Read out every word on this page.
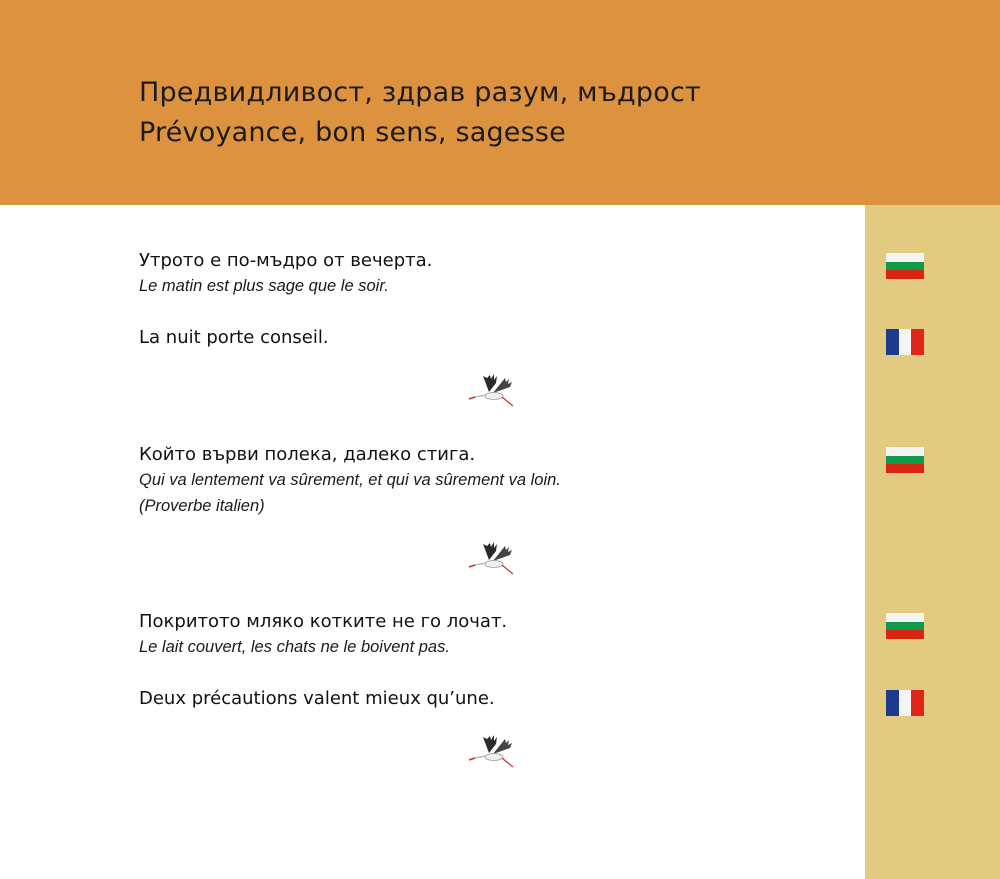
Предвидливост, здрав разум, мъдрост
Prévoyance, bon sens, sagesse
Утрото е по-мъдро от вечерта.
Le matin est plus sage que le soir.
La nuit porte conseil.
Който върви полека, далеко стига.
Qui va lentement va sûrement, et qui va sûrement va loin.
(Proverbe italien)
Покритото мляко котките не го лочат.
Le lait couvert, les chats ne le boivent pas.
Deux précautions valent mieux qu’une.
